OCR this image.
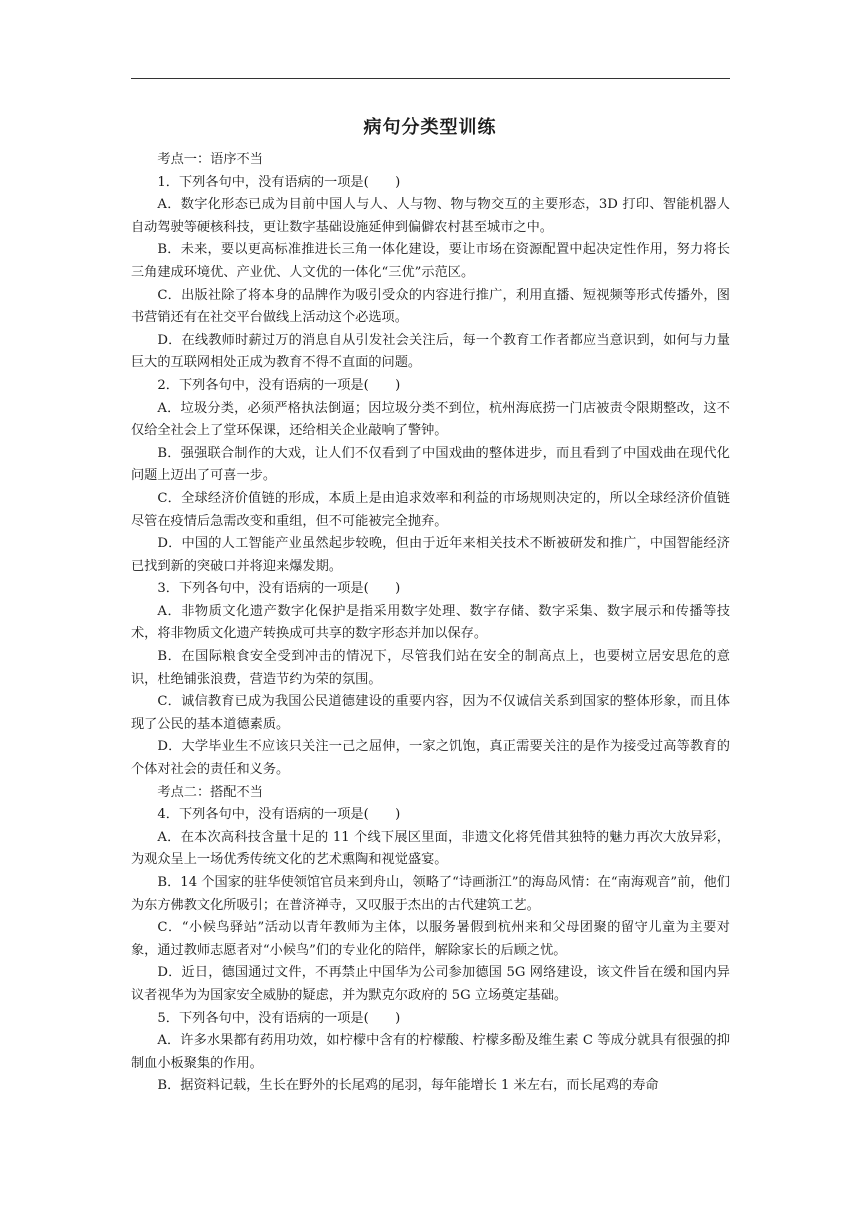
病句分类型训练

考点一：语序不当

1．下列各句中，没有语病的一项是(　　)

A．数字化形态已成为目前中国人与人、人与物、物与物交互的主要形态，3D 打印、智能机器人自动驾驶等硬核科技，更让数字基础设施延伸到偏僻农村甚至城市之中。

B．未来，要以更高标准推进长三角一体化建设，要让市场在资源配置中起决定性作用，努力将长三角建成环境优、产业优、人文优的一体化“三优”示范区。

C．出版社除了将本身的品牌作为吸引受众的内容进行推广，利用直播、短视频等形式传播外，图书营销还有在社交平台做线上活动这个必选项。

D．在线教师时薪过万的消息自从引发社会关注后，每一个教育工作者都应当意识到，如何与力量巨大的互联网相处正成为教育不得不直面的问题。

2．下列各句中，没有语病的一项是(　　)

A．垃圾分类，必须严格执法倒逼；因垃圾分类不到位，杭州海底捞一门店被责令限期整改，这不仅给全社会上了堂环保课，还给相关企业敲响了警钟。

B．强强联合制作的大戏，让人们不仅看到了中国戏曲的整体进步，而且看到了中国戏曲在现代化问题上迈出了可喜一步。

C．全球经济价值链的形成，本质上是由追求效率和利益的市场规则决定的，所以全球经济价值链尽管在疫情后急需改变和重组，但不可能被完全抛弃。

D．中国的人工智能产业虽然起步较晚，但由于近年来相关技术不断被研发和推广，中国智能经济已找到新的突破口并将迎来爆发期。

3．下列各句中，没有语病的一项是(　　)

A．非物质文化遗产数字化保护是指采用数字处理、数字存储、数字采集、数字展示和传播等技术，将非物质文化遗产转换成可共享的数字形态并加以保存。

B．在国际粮食安全受到冲击的情况下，尽管我们站在安全的制高点上，也要树立居安思危的意识，杜绝铺张浪费，营造节约为荣的氛围。

C．诚信教育已成为我国公民道德建设的重要内容，因为不仅诚信关系到国家的整体形象，而且体现了公民的基本道德素质。

D．大学毕业生不应该只关注一己之屈伸，一家之饥饱，真正需要关注的是作为接受过高等教育的个体对社会的责任和义务。

考点二：搭配不当

4．下列各句中，没有语病的一项是(　　)

A．在本次高科技含量十足的 11 个线下展区里面，非遗文化将凭借其独特的魅力再次大放异彩，为观众呈上一场优秀传统文化的艺术熏陶和视觉盛宴。

B．14 个国家的驻华使领馆官员来到舟山，领略了“诗画浙江”的海岛风情：在“南海观音”前，他们为东方佛教文化所吸引；在普济禅寺，又叹服于杰出的古代建筑工艺。

C．“小候鸟驿站”活动以青年教师为主体，以服务暑假到杭州来和父母团聚的留守儿童为主要对象，通过教师志愿者对“小候鸟”们的专业化的陪伴，解除家长的后顾之忧。

D．近日，德国通过文件，不再禁止中国华为公司参加德国 5G 网络建设，该文件旨在缓和国内异议者视华为为国家安全威胁的疑虑，并为默克尔政府的 5G 立场奠定基础。

5．下列各句中，没有语病的一项是(　　)

A．许多水果都有药用功效，如柠檬中含有的柠檬酸、柠檬多酚及维生素 C 等成分就具有很强的抑制血小板聚集的作用。

B．据资料记载，生长在野外的长尾鸡的尾羽，每年能增长 1 米左右，而长尾鸡的寿命
